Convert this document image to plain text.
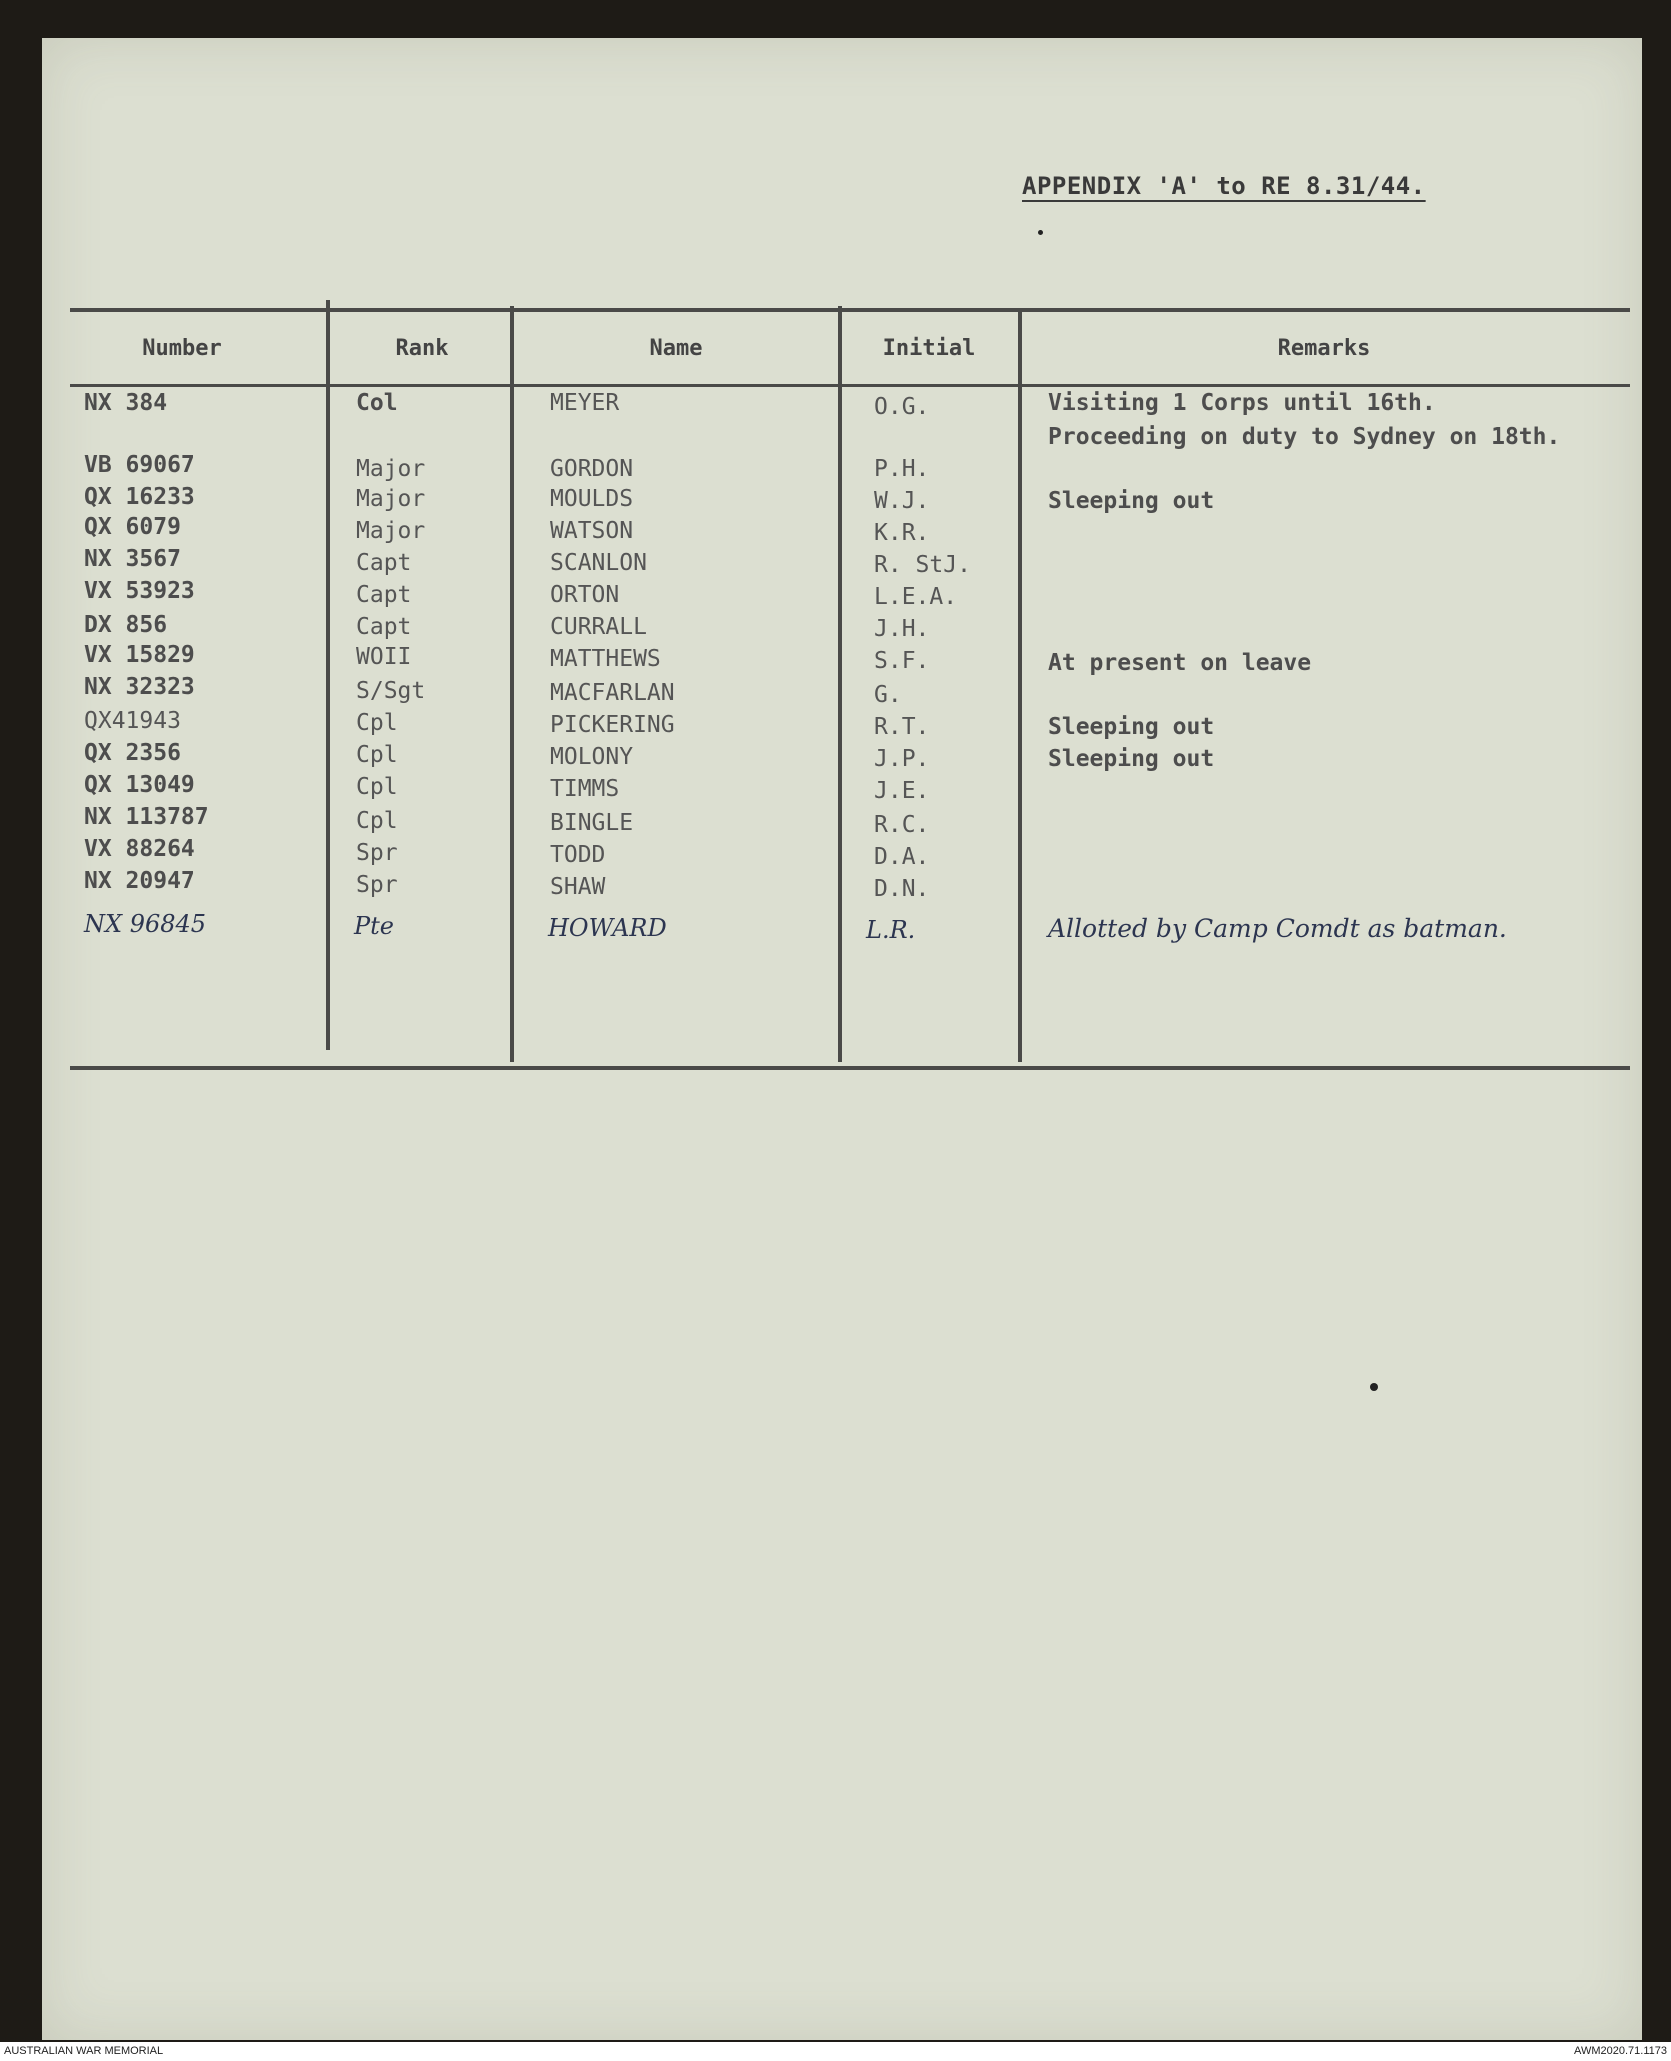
APPENDIX 'A' to RE 8.31/44.
Number	Rank	Name	Initial	Remarks
NX 384	Col	MEYER	O.G.	Visiting 1 Corps until 16th.
Proceeding on duty to Sydney on 18th.
VB 69067	Major	GORDON	P.H.
QX 16233	Major	MOULDS	W.J.	Sleeping out
QX 6079	Major	WATSON	K.R.
NX 3567	Capt	SCANLON	R. StJ.
VX 53923	Capt	ORTON	L.E.A.
DX 856	Capt	CURRALL	J.H.
VX 15829	WOII	MATTHEWS	S.F.	At present on leave
NX 32323	S/Sgt	MACFARLAN	G.
QX41943	Cpl	PICKERING	R.T.	Sleeping out
QX 2356	Cpl	MOLONY	J.P.	Sleeping out
QX 13049	Cpl	TIMMS	J.E.
NX 113787	Cpl	BINGLE	R.C.
VX 88264	Spr	TODD	D.A.
NX 20947	Spr	SHAW	D.N.
NX 96845	Pte	HOWARD	L.R.	Allotted by Camp Comdt as batman.
AUSTRALIAN WAR MEMORIAL	AWM2020.71.1173
